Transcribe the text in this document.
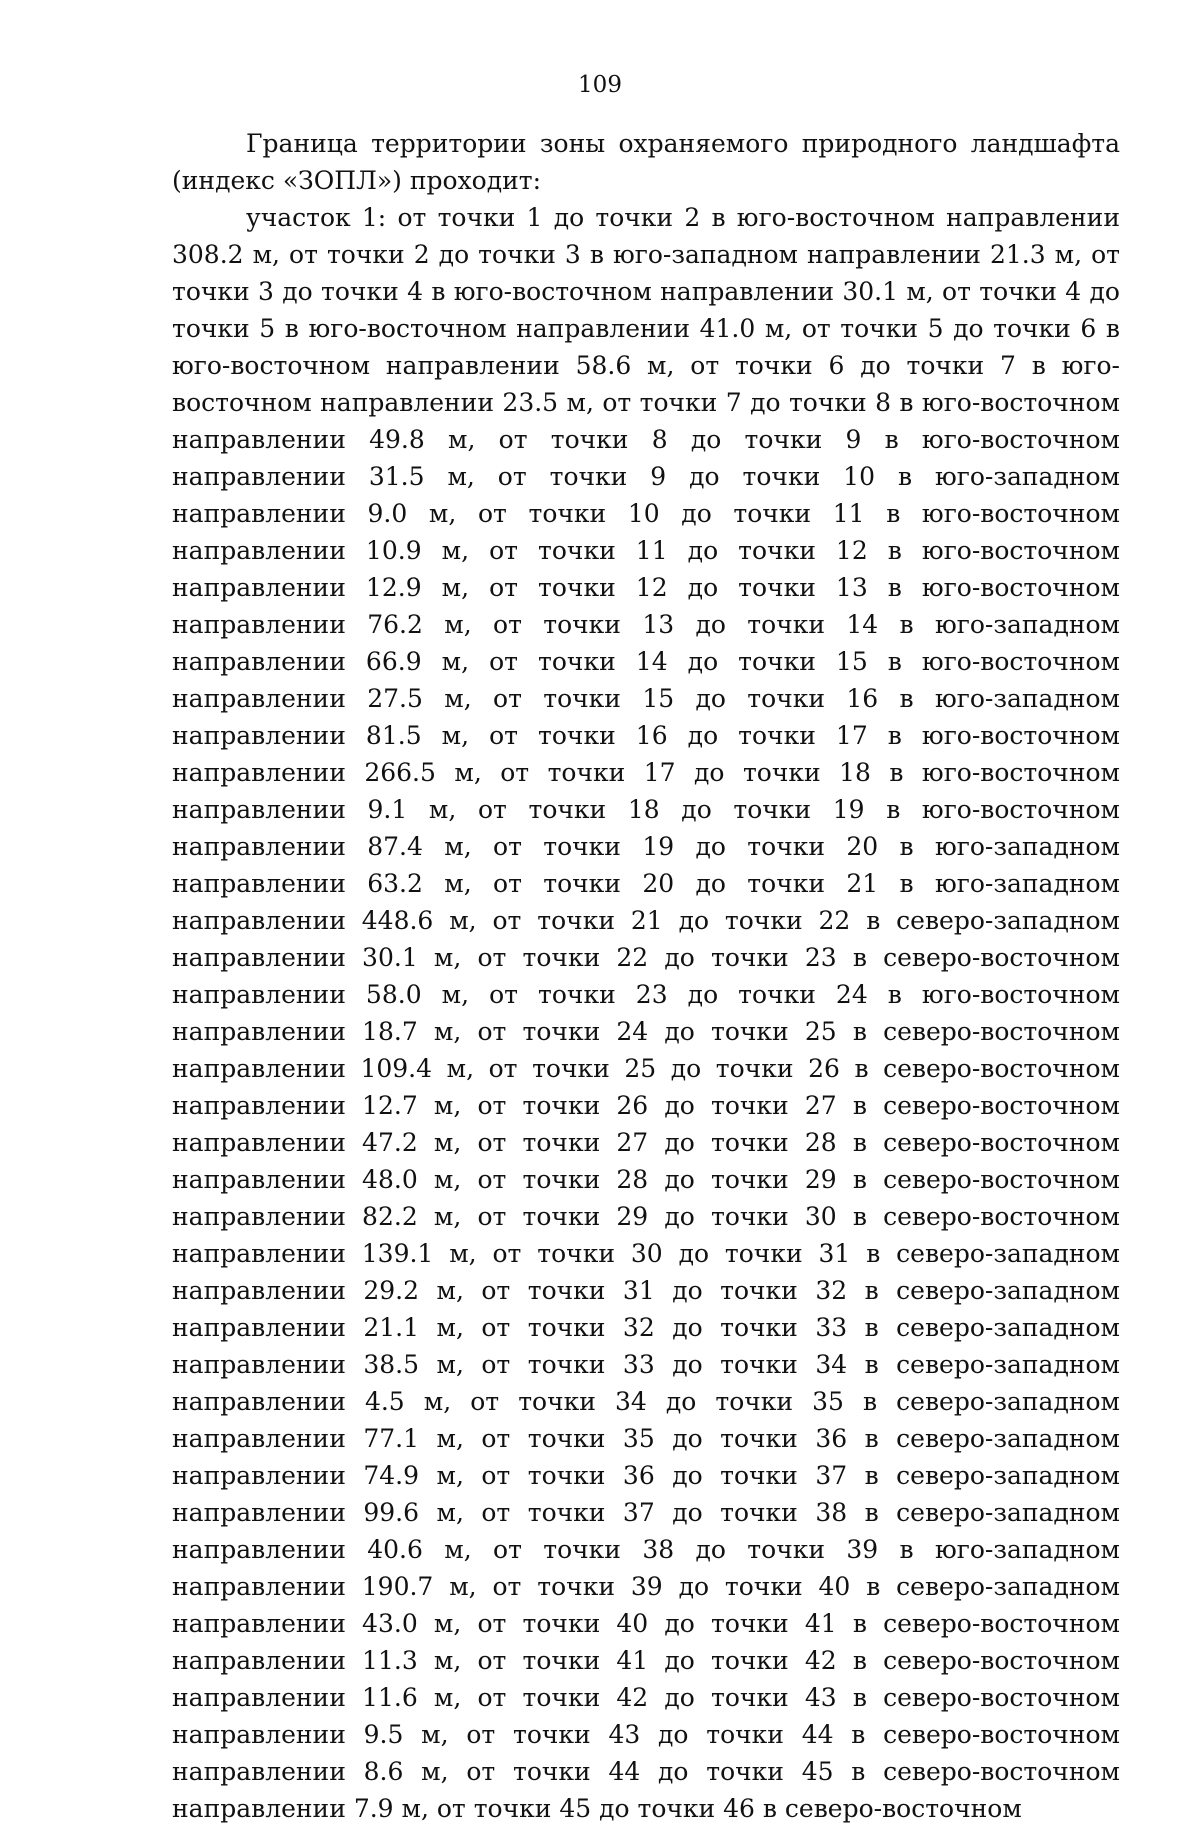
109

Граница территории зоны охраняемого природного ландшафта (индекс «ЗОПЛ») проходит:

участок 1: от точки 1 до точки 2 в юго-восточном направлении 308.2 м, от точки 2 до точки 3 в юго-западном направлении 21.3 м, от точки 3 до точки 4 в юго-восточном направлении 30.1 м, от точки 4 до точки 5 в юго-восточном направлении 41.0 м, от точки 5 до точки 6 в юго-восточном направлении 58.6 м, от точки 6 до точки 7 в юго-восточном направлении 23.5 м, от точки 7 до точки 8 в юго-восточном направлении 49.8 м, от точки 8 до точки 9 в юго-восточном направлении 31.5 м, от точки 9 до точки 10 в юго-западном направлении 9.0 м, от точки 10 до точки 11 в юго-восточном направлении 10.9 м, от точки 11 до точки 12 в юго-восточном направлении 12.9 м, от точки 12 до точки 13 в юго-восточном направлении 76.2 м, от точки 13 до точки 14 в юго-западном направлении 66.9 м, от точки 14 до точки 15 в юго-восточном направлении 27.5 м, от точки 15 до точки 16 в юго-западном направлении 81.5 м, от точки 16 до точки 17 в юго-восточном направлении 266.5 м, от точки 17 до точки 18 в юго-восточном направлении 9.1 м, от точки 18 до точки 19 в юго-восточном направлении 87.4 м, от точки 19 до точки 20 в юго-западном направлении 63.2 м, от точки 20 до точки 21 в юго-западном направлении 448.6 м, от точки 21 до точки 22 в северо-западном направлении 30.1 м, от точки 22 до точки 23 в северо-восточном направлении 58.0 м, от точки 23 до точки 24 в юго-восточном направлении 18.7 м, от точки 24 до точки 25 в северо-восточном направлении 109.4 м, от точки 25 до точки 26 в северо-восточном направлении 12.7 м, от точки 26 до точки 27 в северо-восточном направлении 47.2 м, от точки 27 до точки 28 в северо-восточном направлении 48.0 м, от точки 28 до точки 29 в северо-восточном направлении 82.2 м, от точки 29 до точки 30 в северо-восточном направлении 139.1 м, от точки 30 до точки 31 в северо-западном направлении 29.2 м, от точки 31 до точки 32 в северо-западном направлении 21.1 м, от точки 32 до точки 33 в северо-западном направлении 38.5 м, от точки 33 до точки 34 в северо-западном направлении 4.5 м, от точки 34 до точки 35 в северо-западном направлении 77.1 м, от точки 35 до точки 36 в северо-западном направлении 74.9 м, от точки 36 до точки 37 в северо-западном направлении 99.6 м, от точки 37 до точки 38 в северо-западном направлении 40.6 м, от точки 38 до точки 39 в юго-западном направлении 190.7 м, от точки 39 до точки 40 в северо-западном направлении 43.0 м, от точки 40 до точки 41 в северо-восточном направлении 11.3 м, от точки 41 до точки 42 в северо-восточном направлении 11.6 м, от точки 42 до точки 43 в северо-восточном направлении 9.5 м, от точки 43 до точки 44 в северо-восточном направлении 8.6 м, от точки 44 до точки 45 в северо-восточном направлении 7.9 м, от точки 45 до точки 46 в северо-восточном
